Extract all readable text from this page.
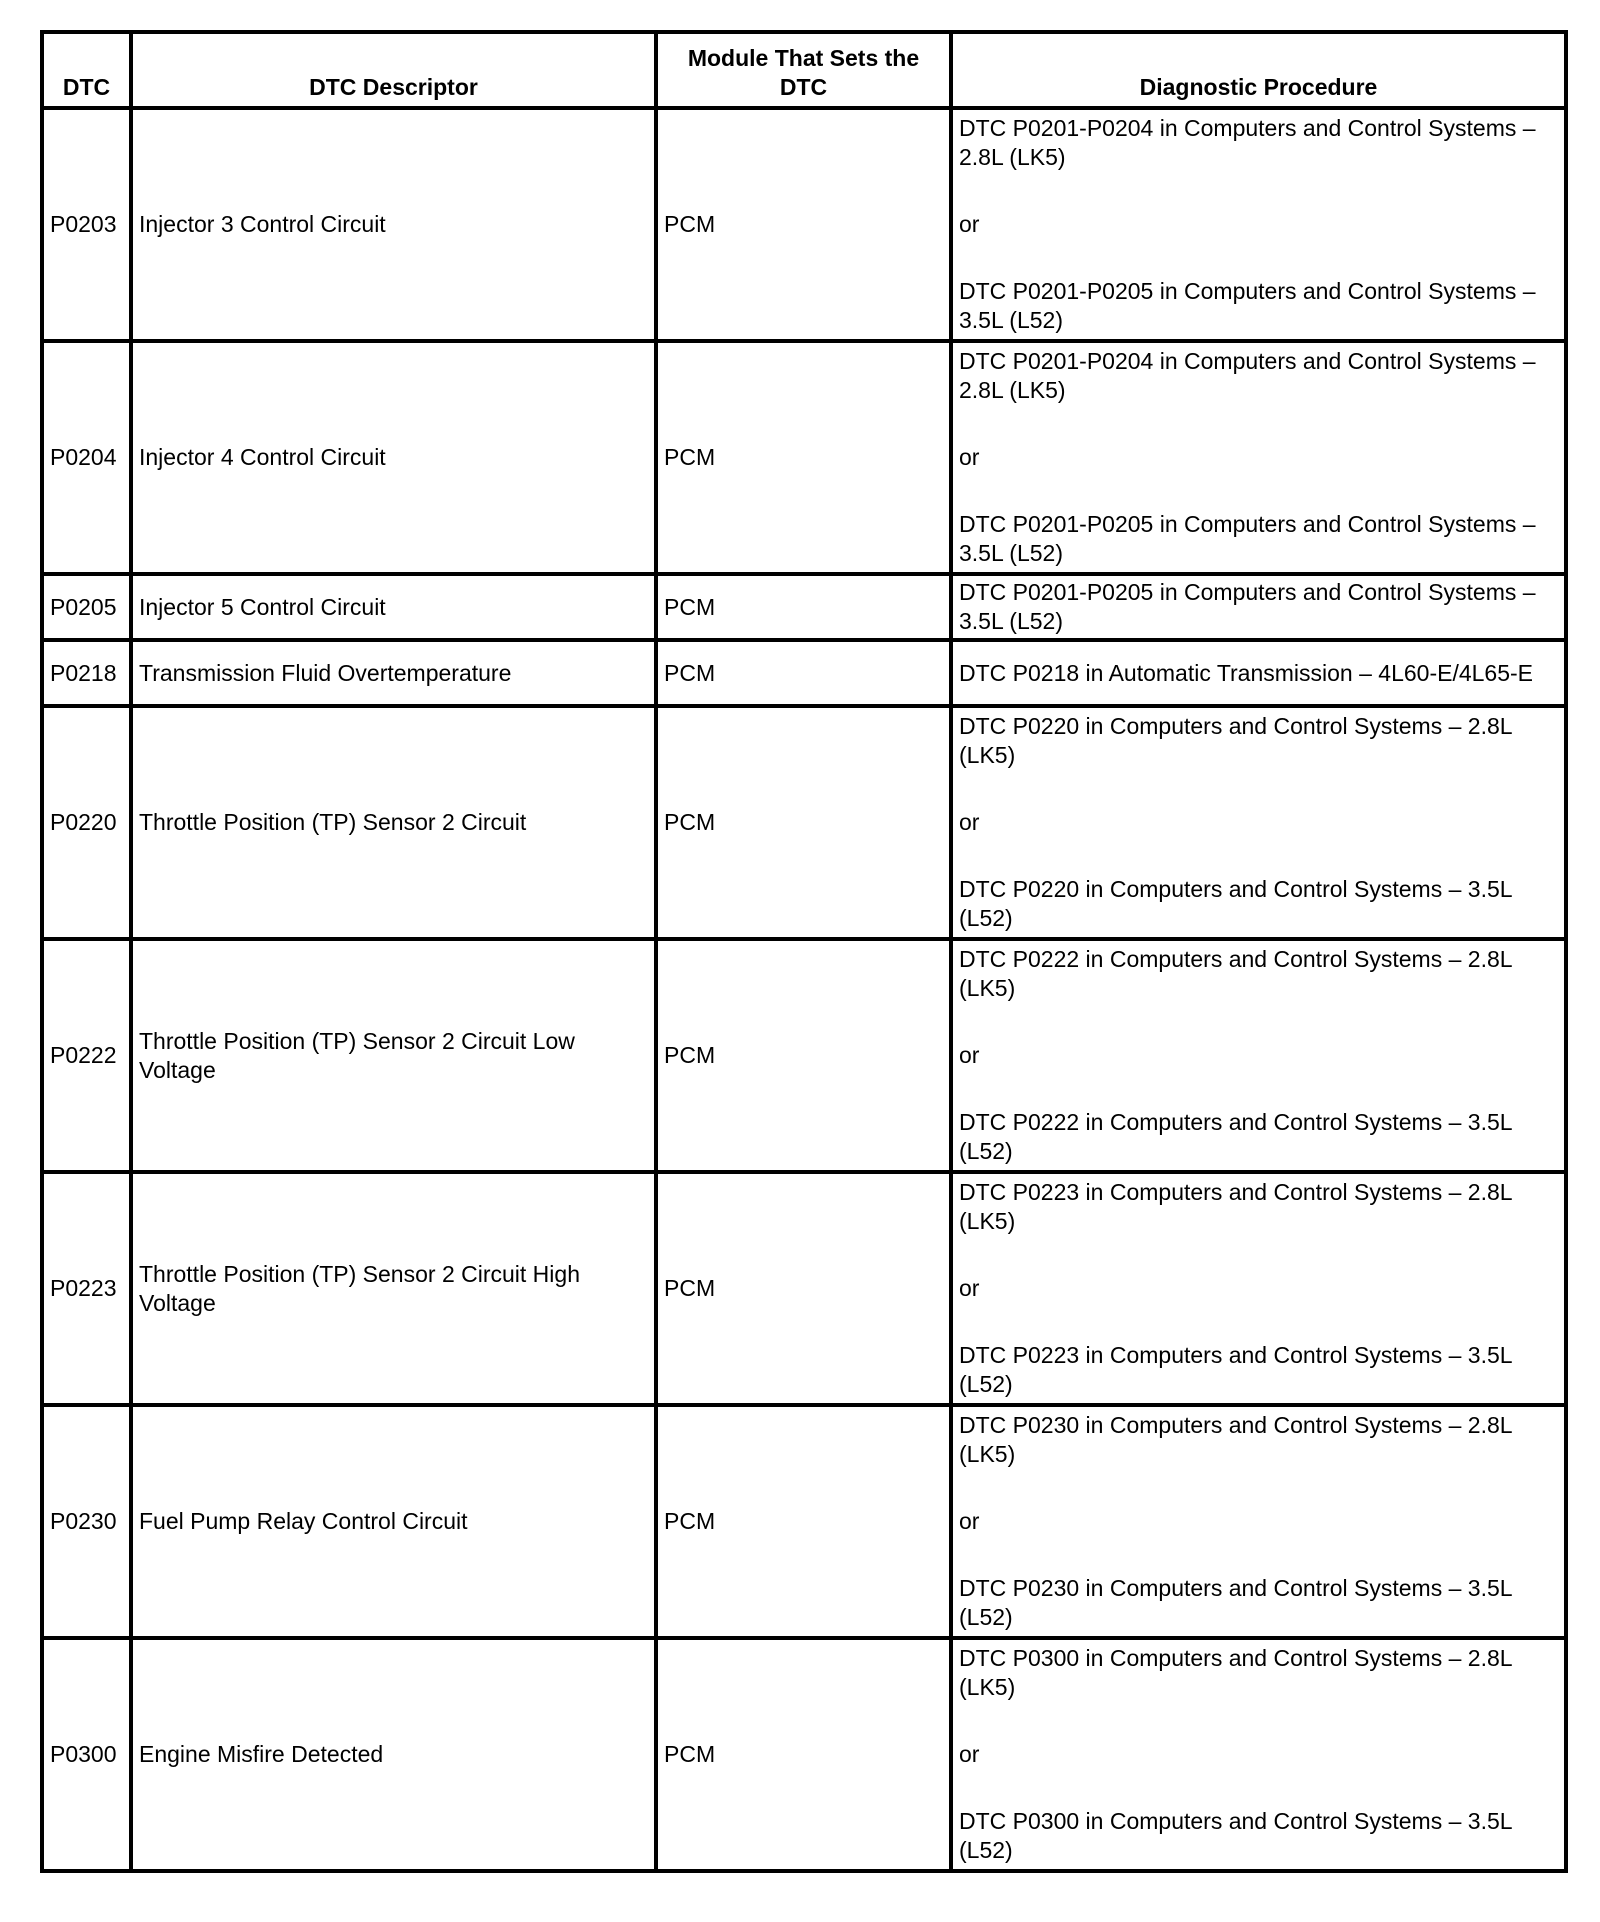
DTC	DTC Descriptor	Module That Sets the DTC	Diagnostic Procedure
P0203	Injector 3 Control Circuit	PCM	DTC P0201-P0204 in Computers and Control Systems – 2.8L (LK5)
or
DTC P0201-P0205 in Computers and Control Systems – 3.5L (L52)

P0204	Injector 4 Control Circuit	PCM	DTC P0201-P0204 in Computers and Control Systems – 2.8L (LK5)
or
DTC P0201-P0205 in Computers and Control Systems – 3.5L (L52)

P0205	Injector 5 Control Circuit	PCM	DTC P0201-P0205 in Computers and Control Systems – 3.5L (L52)

P0218	Transmission Fluid Overtemperature	PCM	DTC P0218 in Automatic Transmission – 4L60-E/4L65-E

P0220	Throttle Position (TP) Sensor 2 Circuit	PCM	DTC P0220 in Computers and Control Systems – 2.8L (LK5)
or
DTC P0220 in Computers and Control Systems – 3.5L (L52)

P0222	Throttle Position (TP) Sensor 2 Circuit Low Voltage	PCM	DTC P0222 in Computers and Control Systems – 2.8L (LK5)
or
DTC P0222 in Computers and Control Systems – 3.5L (L52)

P0223	Throttle Position (TP) Sensor 2 Circuit High Voltage	PCM	DTC P0223 in Computers and Control Systems – 2.8L (LK5)
or
DTC P0223 in Computers and Control Systems – 3.5L (L52)

P0230	Fuel Pump Relay Control Circuit	PCM	DTC P0230 in Computers and Control Systems – 2.8L (LK5)
or
DTC P0230 in Computers and Control Systems – 3.5L (L52)

P0300	Engine Misfire Detected	PCM	DTC P0300 in Computers and Control Systems – 2.8L (LK5)
or
DTC P0300 in Computers and Control Systems – 3.5L (L52)
